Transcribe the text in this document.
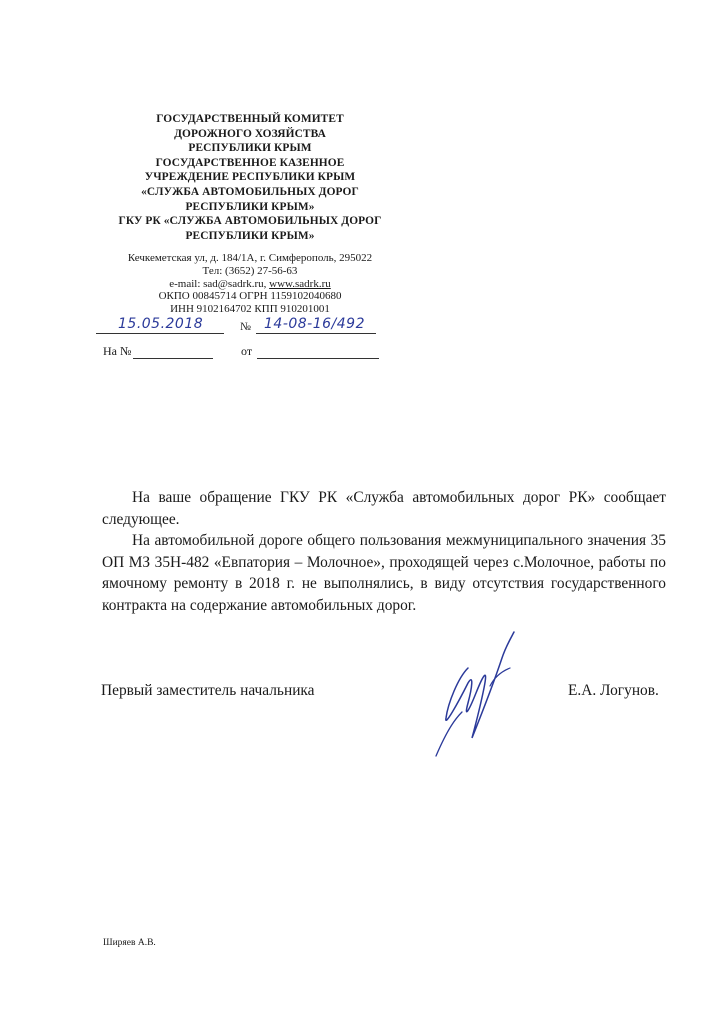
ГОСУДАРСТВЕННЫЙ КОМИТЕТ
ДОРОЖНОГО ХОЗЯЙСТВА
РЕСПУБЛИКИ КРЫМ
ГОСУДАРСТВЕННОЕ КАЗЕННОЕ
УЧРЕЖДЕНИЕ РЕСПУБЛИКИ КРЫМ
«СЛУЖБА АВТОМОБИЛЬНЫХ ДОРОГ
РЕСПУБЛИКИ КРЫМ»
ГКУ РК «СЛУЖБА АВТОМОБИЛЬНЫХ ДОРОГ
РЕСПУБЛИКИ КРЫМ»
Кечкеметская ул, д. 184/1А, г. Симферополь, 295022
Тел: (3652) 27-56-63
e-mail: sad@sadrk.ru, www.sadrk.ru
ОКПО 00845714 ОГРН 1159102040680
ИНН 9102164702 КПП 910201001
15.05.2018	№ 14-08-16/492
На №	от

На ваше обращение ГКУ РК «Служба автомобильных дорог РК» сообщает следующее.

На автомобильной дороге общего пользования межмуниципального значения 35 ОП МЗ 35Н-482 «Евпатория – Молочное», проходящей через с.Молочное, работы по ямочному ремонту в 2018 г. не выполнялись, в виду отсутствия государственного контракта на содержание автомобильных дорог.

Первый заместитель начальника	Е.А. Логунов.
Ширяев А.В.
